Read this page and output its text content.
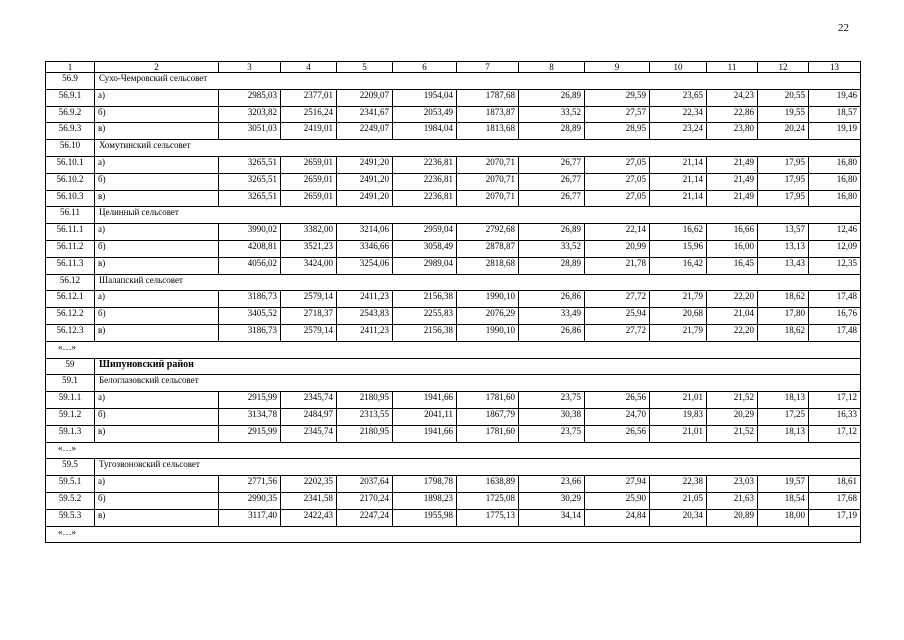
22
1	2	3	4	5	6	7	8	9	10	11	12	13
56.9	Сухо-Чемровский сельсовет											
56.9.1	а)	2985,03	2377,01	2209,07	1954,04	1787,68	26,89	29,59	23,65	24,23	20,55	19,46
56.9.2	б)	3203,82	2516,24	2341,67	2053,49	1873,87	33,52	27,57	22,34	22,86	19,55	18,57
56.9.3	в)	3051,03	2419,01	2249,07	1984,04	1813,68	28,89	28,95	23,24	23,80	20,24	19,19
56.10	Хомутинский сельсовет											
56.10.1	а)	3265,51	2659,01	2491,20	2236,81	2070,71	26,77	27,05	21,14	21,49	17,95	16,80
56.10.2	б)	3265,51	2659,01	2491,20	2236,81	2070,71	26,77	27,05	21,14	21,49	17,95	16,80
56.10.3	в)	3265,51	2659,01	2491,20	2236,81	2070,71	26,77	27,05	21,14	21,49	17,95	16,80
56.11	Целинный сельсовет											
56.11.1	а)	3990,02	3382,00	3214,06	2959,04	2792,68	26,89	22,14	16,62	16,66	13,57	12,46
56.11.2	б)	4208,81	3521,23	3346,66	3058,49	2878,87	33,52	20,99	15,96	16,00	13,13	12,09
56.11.3	в)	4056,02	3424,00	3254,06	2989,04	2818,68	28,89	21,78	16,42	16,45	13,43	12,35
56.12	Шалапский сельсовет											
56.12.1	а)	3186,73	2579,14	2411,23	2156,38	1990,10	26,86	27,72	21,79	22,20	18,62	17,48
56.12.2	б)	3405,52	2718,37	2543,83	2255,83	2076,29	33,49	25,94	20,68	21,04	17,80	16,76
56.12.3	в)	3186,73	2579,14	2411,23	2156,38	1990,10	26,86	27,72	21,79	22,20	18,62	17,48
«…»												
59	Шипуновский район											
59.1	Белоглазовский сельсовет											
59.1.1	а)	2915,99	2345,74	2180,95	1941,66	1781,60	23,75	26,56	21,01	21,52	18,13	17,12
59.1.2	б)	3134,78	2484,97	2313,55	2041,11	1867,79	30,38	24,70	19,83	20,29	17,25	16,33
59.1.3	в)	2915,99	2345,74	2180,95	1941,66	1781,60	23,75	26,56	21,01	21,52	18,13	17,12
«…»												
59.5	Тугозвоновский сельсовет											
59.5.1	а)	2771,56	2202,35	2037,64	1798,78	1638,89	23,66	27,94	22,38	23,03	19,57	18,61
59.5.2	б)	2990,35	2341,58	2170,24	1898,23	1725,08	30,29	25,90	21,05	21,63	18,54	17,68
59.5.3	в)	3117,40	2422,43	2247,24	1955,98	1775,13	34,14	24,84	20,34	20,89	18,00	17,19
«…»												
